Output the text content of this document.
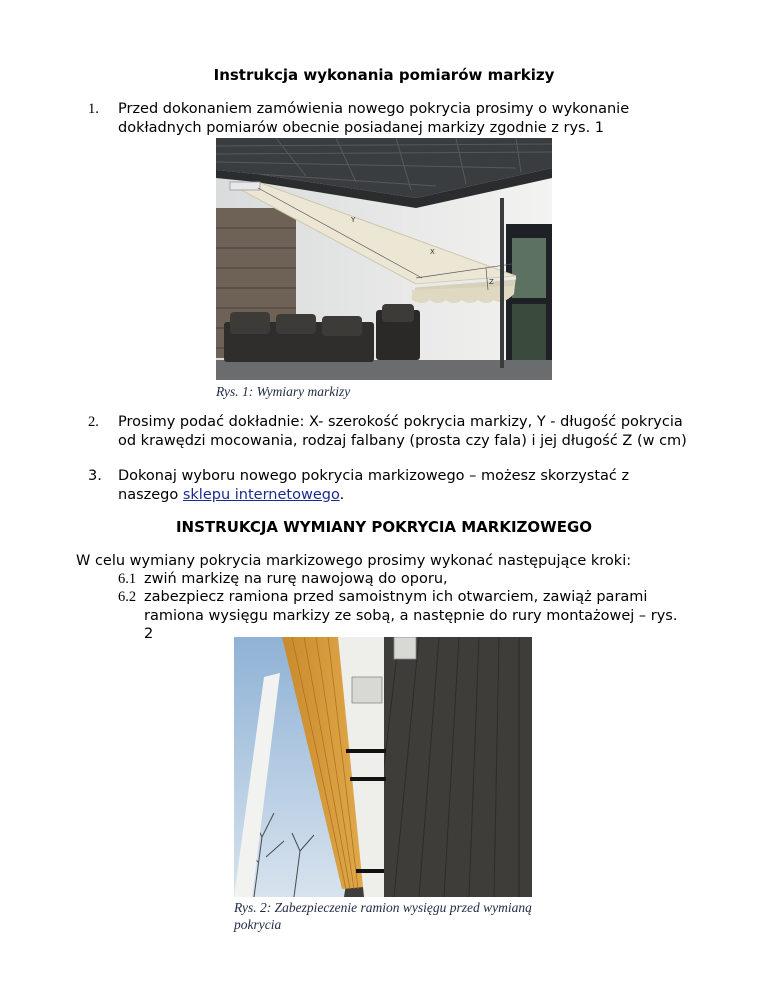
Instrukcja wykonania pomiarów markizy
1. Przed dokonaniem zamówienia nowego pokrycia prosimy o wykonanie dokładnych pomiarów obecnie posiadanej markizy zgodnie z rys. 1
Y
X
Z
Rys. 1: Wymiary markizy
2. Prosimy podać dokładnie: X- szerokość pokrycia markizy, Y - długość pokrycia od krawędzi mocowania, rodzaj falbany (prosta czy fala) i jej długość Z (w cm)
3. Dokonaj wyboru nowego pokrycia markizowego – możesz skorzystać z naszego sklepu internetowego.
INSTRUKCJA WYMIANY POKRYCIA MARKIZOWEGO
W celu wymiany pokrycia markizowego prosimy wykonać następujące kroki:
6.1 zwiń markizę na rurę nawojową do oporu,
6.2 zabezpiecz ramiona przed samoistnym ich otwarciem, zawiąż parami ramiona wysięgu markizy ze sobą, a następnie do rury montażowej – rys. 2
Rys. 2: Zabezpieczenie ramion wysięgu przed wymianą pokrycia
